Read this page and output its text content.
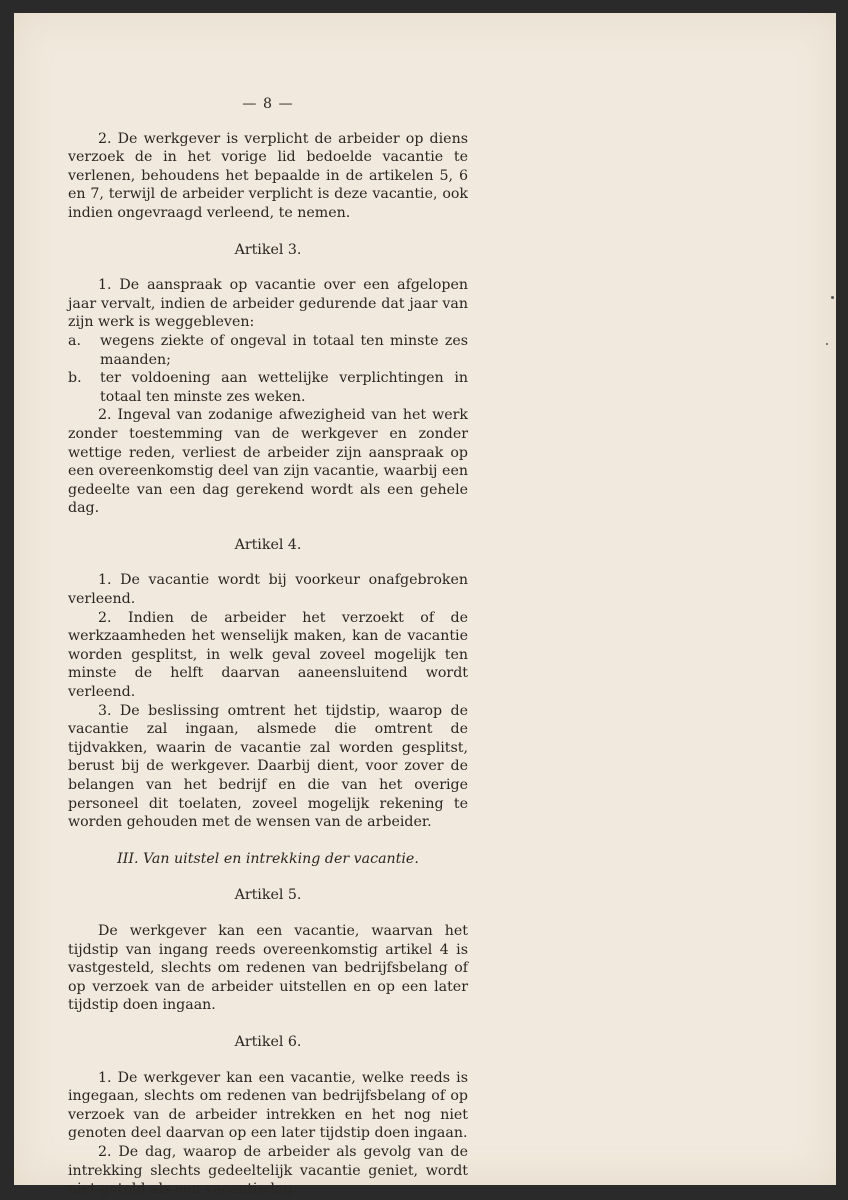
— 8 —

2. De werkgever is verplicht de arbeider op diens verzoek de in het vorige lid bedoelde vacantie te verlenen, behoudens het bepaalde in de artikelen 5, 6 en 7, terwijl de arbeider verplicht is deze vacantie, ook indien ongevraagd verleend, te nemen.

Artikel 3.

1. De aanspraak op vacantie over een afgelopen jaar vervalt, indien de arbeider gedurende dat jaar van zijn werk is weggebleven:

a.	wegens ziekte of ongeval in totaal ten minste zes maanden;
b.	ter voldoening aan wettelijke verplichtingen in totaal ten minste zes weken.

2. Ingeval van zodanige afwezigheid van het werk zonder toestemming van de werkgever en zonder wettige reden, verliest de arbeider zijn aanspraak op een overeenkomstig deel van zijn vacantie, waarbij een gedeelte van een dag gerekend wordt als een gehele dag.

Artikel 4.

1. De vacantie wordt bij voorkeur onafgebroken verleend.

2. Indien de arbeider het verzoekt of de werkzaamheden het wenselijk maken, kan de vacantie worden gesplitst, in welk geval zoveel mogelijk ten minste de helft daarvan aaneensluitend wordt verleend.

3. De beslissing omtrent het tijdstip, waarop de vacantie zal ingaan, alsmede die omtrent de tijdvakken, waarin de vacantie zal worden gesplitst, berust bij de werkgever. Daarbij dient, voor zover de belangen van het bedrijf en die van het overige personeel dit toelaten, zoveel mogelijk rekening te worden gehouden met de wensen van de arbeider.

III. Van uitstel en intrekking der vacantie.
Artikel 5.

De werkgever kan een vacantie, waarvan het tijdstip van ingang reeds overeenkomstig artikel 4 is vastgesteld, slechts om redenen van bedrijfsbelang of op verzoek van de arbeider uitstellen en op een later tijdstip doen ingaan.

Artikel 6.

1. De werkgever kan een vacantie, welke reeds is ingegaan, slechts om redenen van bedrijfsbelang of op verzoek van de arbeider intrekken en het nog niet genoten deel daarvan op een later tijdstip doen ingaan.

2. De dag, waarop de arbeider als gevolg van de intrekking slechts gedeeltelijk vacantie geniet, wordt niet geteld als een vacantiedag.
